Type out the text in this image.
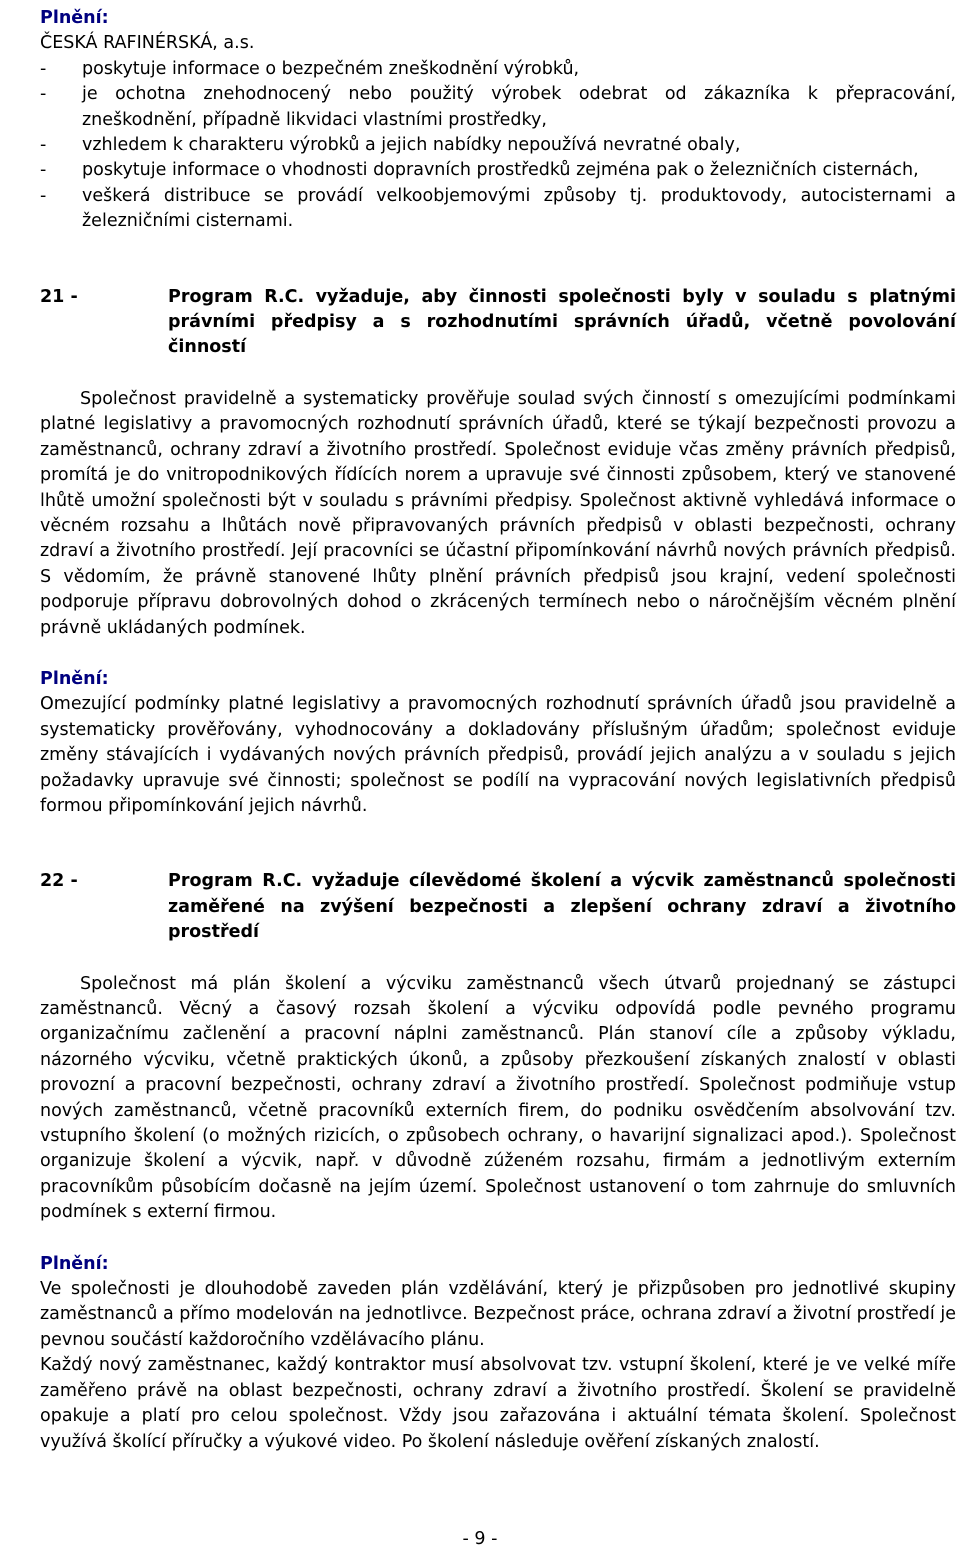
Plnění:
ČESKÁ RAFINÉRSKÁ, a.s.
-	poskytuje informace o bezpečném zneškodnění výrobků,
-	je ochotna znehodnocený nebo použitý výrobek odebrat od zákazníka k přepracování, zneškodnění, případně likvidaci vlastními prostředky,
-	vzhledem k charakteru výrobků a jejich nabídky nepoužívá nevratné obaly,
-	poskytuje informace o vhodnosti dopravních prostředků zejména pak o železničních cisternách,
-	veškerá distribuce se provádí velkoobjemovými způsoby tj. produktovody, autocisternami a železničními cisternami.
21 -	Program R.C. vyžaduje, aby činnosti společnosti byly v souladu s platnými právními předpisy a s rozhodnutími správních úřadů, včetně povolování činností

Společnost pravidelně a systematicky prověřuje soulad svých činností s omezujícími podmínkami platné legislativy a pravomocných rozhodnutí správních úřadů, které se týkají bezpečnosti provozu a zaměstnanců, ochrany zdraví a životního prostředí. Společnost eviduje včas změny právních předpisů, promítá je do vnitropodnikových řídících norem a upravuje své činnosti způsobem, který ve stanovené lhůtě umožní společnosti být v souladu s právními předpisy. Společnost aktivně vyhledává informace o věcném rozsahu a lhůtách nově připravovaných právních předpisů v oblasti bezpečnosti, ochrany zdraví a životního prostředí. Její pracovníci se účastní připomínkování návrhů nových právních předpisů. S vědomím, že právně stanovené lhůty plnění právních předpisů jsou krajní, vedení společnosti podporuje přípravu dobrovolných dohod o zkrácených termínech nebo o náročnějším věcném plnění právně ukládaných podmínek.

Plnění:

Omezující podmínky platné legislativy a pravomocných rozhodnutí správních úřadů jsou pravidelně a systematicky prověřovány, vyhodnocovány a dokladovány příslušným úřadům; společnost eviduje změny stávajících i vydávaných nových právních předpisů, provádí jejich analýzu a v souladu s jejich požadavky upravuje své činnosti; společnost se podílí na vypracování nových legislativních předpisů formou připomínkování jejich návrhů.

22 -	Program R.C. vyžaduje cílevědomé školení a výcvik zaměstnanců společnosti zaměřené na zvýšení bezpečnosti a zlepšení ochrany zdraví a životního prostředí

Společnost má plán školení a výcviku zaměstnanců všech útvarů projednaný se zástupci zaměstnanců. Věcný a časový rozsah školení a výcviku odpovídá podle pevného programu organizačnímu začlenění a pracovní náplni zaměstnanců. Plán stanoví cíle a způsoby výkladu, názorného výcviku, včetně praktických úkonů, a způsoby přezkoušení získaných znalostí v oblasti provozní a pracovní bezpečnosti, ochrany zdraví a životního prostředí. Společnost podmiňuje vstup nových zaměstnanců, včetně pracovníků externích firem, do podniku osvědčením absolvování tzv. vstupního školení (o možných rizicích, o způsobech ochrany, o havarijní signalizaci apod.). Společnost organizuje školení a výcvik, např. v důvodně zúženém rozsahu, firmám a jednotlivým externím pracovníkům působícím dočasně na jejím území. Společnost ustanovení o tom zahrnuje do smluvních podmínek s externí firmou.

Plnění:

Ve společnosti je dlouhodobě zaveden plán vzdělávání, který je přizpůsoben pro jednotlivé skupiny zaměstnanců a přímo modelován na jednotlivce. Bezpečnost práce, ochrana zdraví a životní prostředí je pevnou součástí každoročního vzdělávacího plánu.

Každý nový zaměstnanec, každý kontraktor musí absolvovat tzv. vstupní školení, které je ve velké míře zaměřeno právě na oblast bezpečnosti, ochrany zdraví a životního prostředí. Školení se pravidelně opakuje a platí pro celou společnost. Vždy jsou zařazována i aktuální témata školení. Společnost využívá školící příručky a výukové video. Po školení následuje ověření získaných znalostí.

- 9 -
